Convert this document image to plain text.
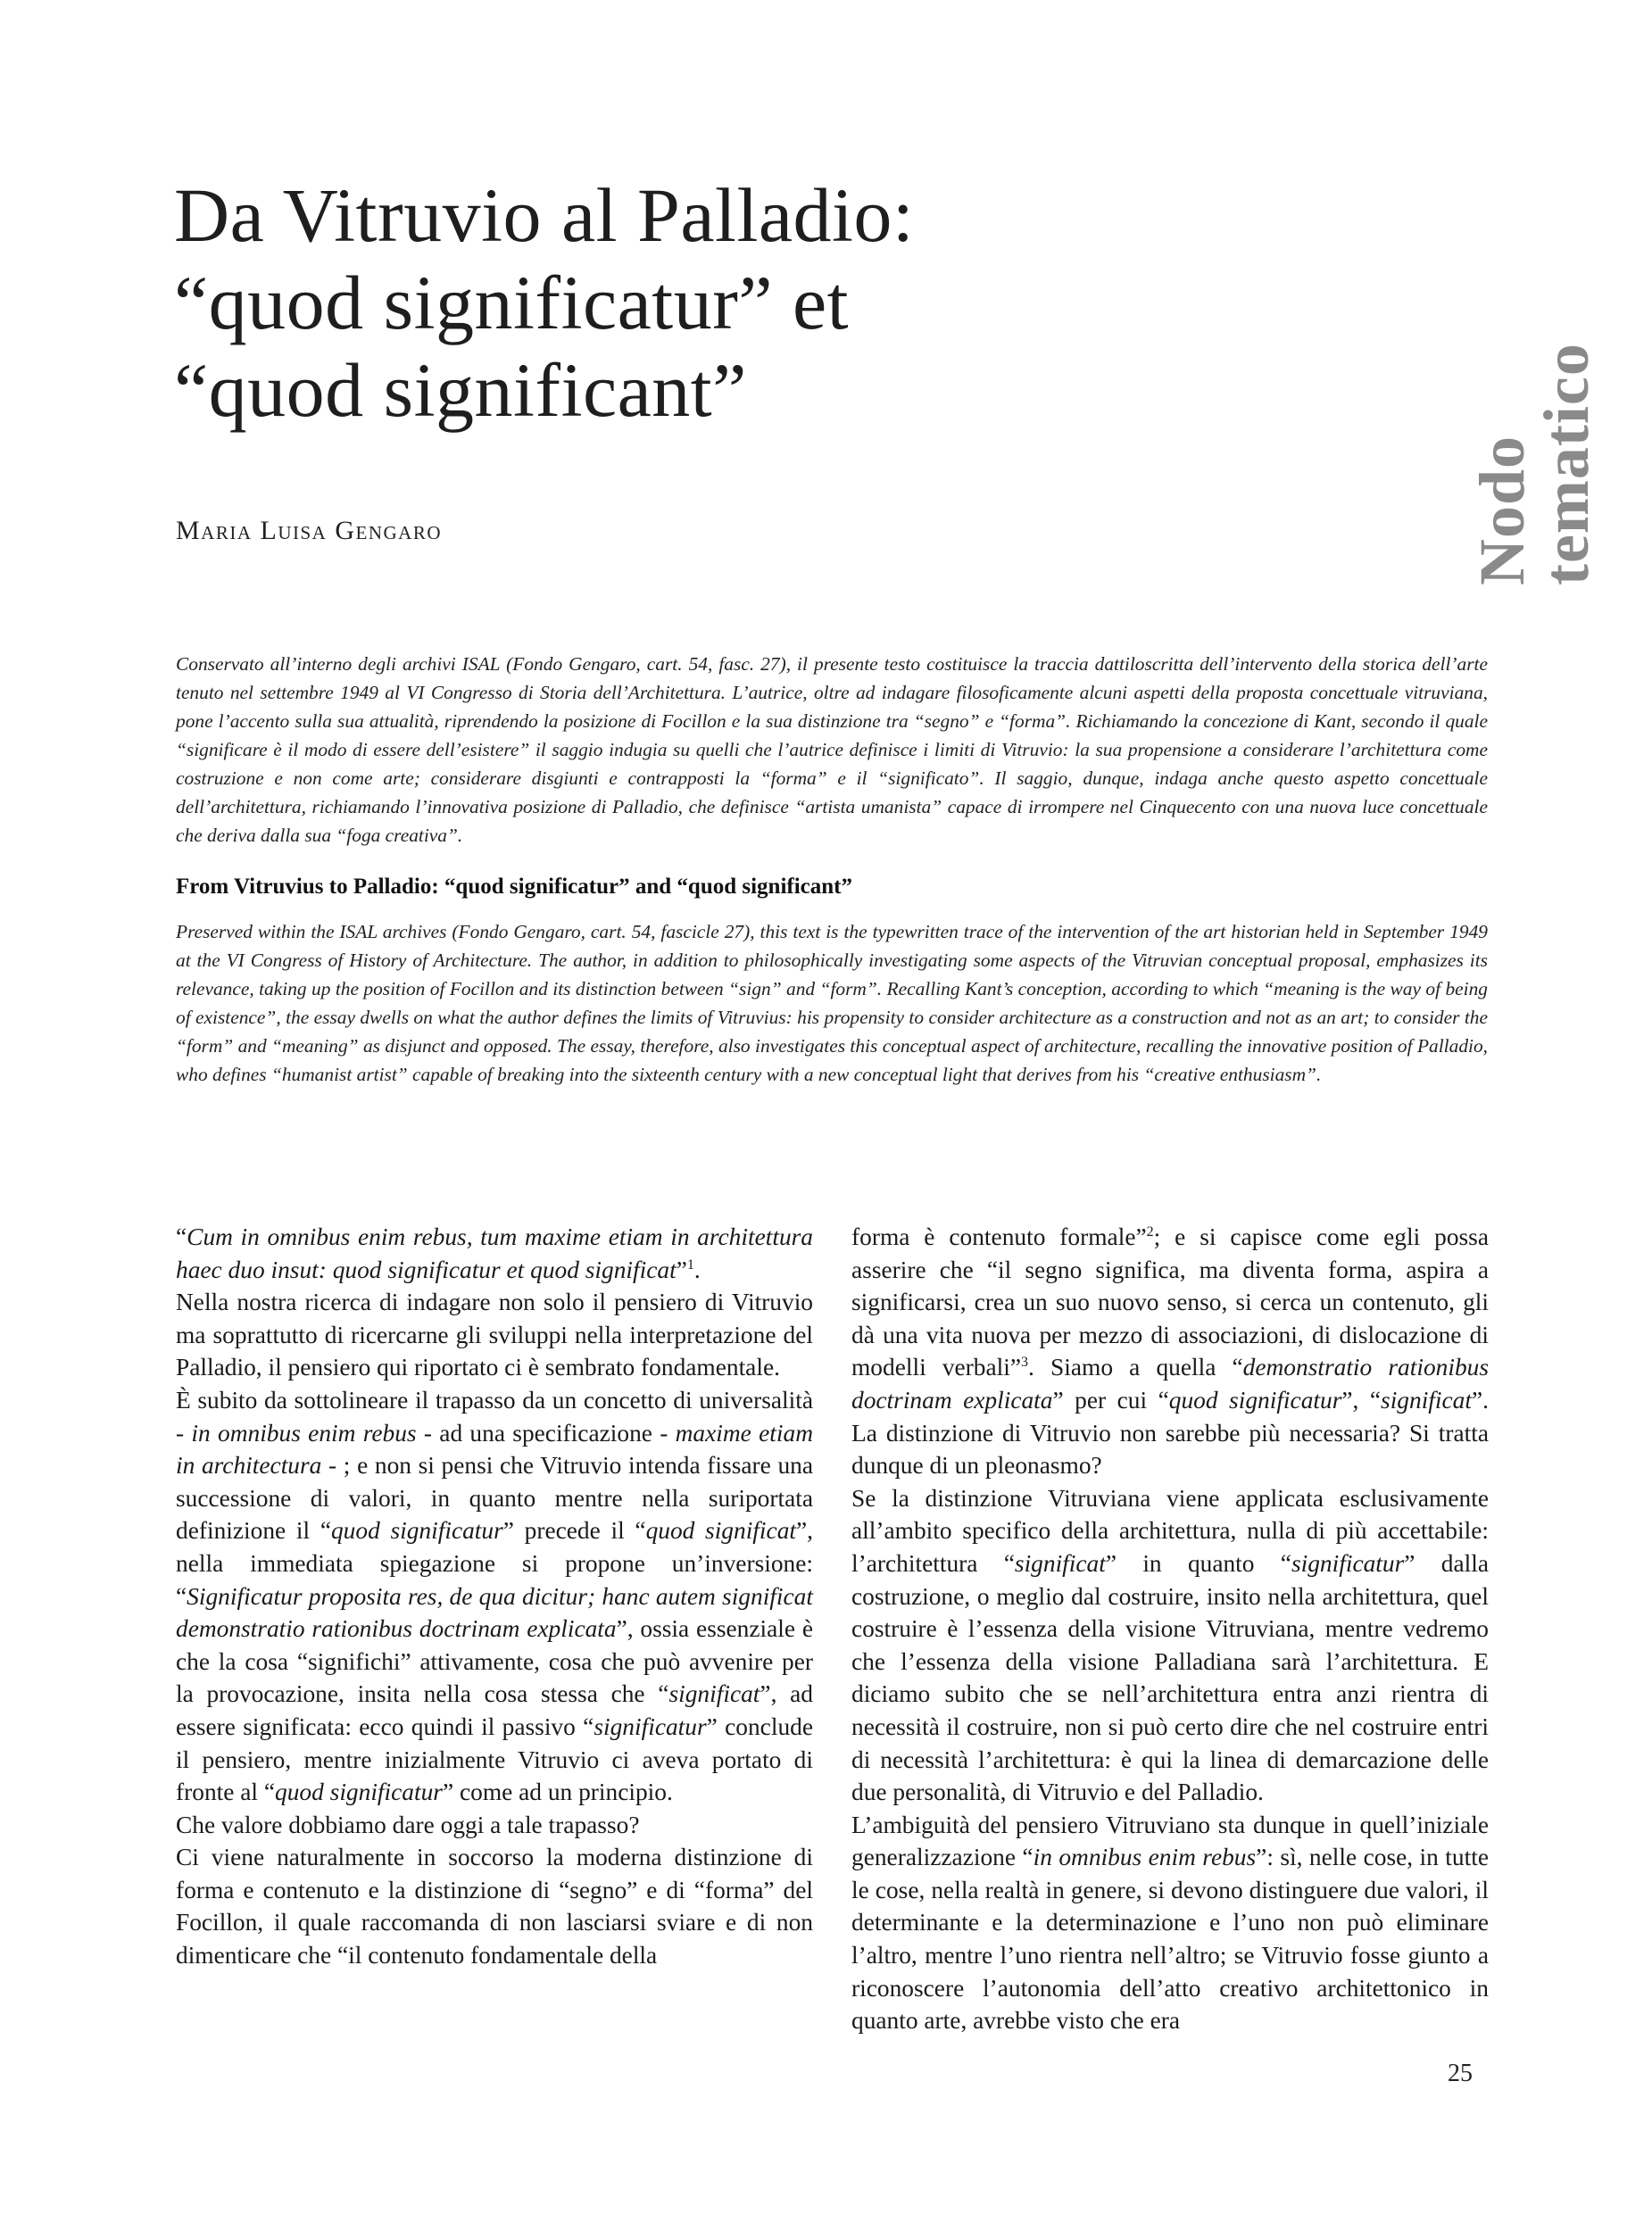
Da Vitruvio al Palladio:
“quod significatur” et
“quod significant”
Nodo tematico
Maria Luisa Gengaro

Conservato all’interno degli archivi ISAL (Fondo Gengaro, cart. 54, fasc. 27), il presente testo costituisce la traccia dattiloscritta dell’intervento della storica dell’arte tenuto nel settembre 1949 al VI Congresso di Storia dell’Architettura. L’autrice, oltre ad indagare filosoficamente alcuni aspetti della proposta concettuale vitruviana, pone l’accento sulla sua attualità, riprendendo la posizione di Focillon e la sua distinzione tra “segno” e “forma”. Richiamando la concezione di Kant, secondo il quale “significare è il modo di essere dell’esistere” il saggio indugia su quelli che l’autrice definisce i limiti di Vitruvio: la sua propensione a considerare l’architettura come costruzione e non come arte; considerare disgiunti e contrapposti la “forma” e il “significato”. Il saggio, dunque, indaga anche questo aspetto concettuale dell’architettura, richiamando l’innovativa posizione di Palladio, che definisce “artista umanista” capace di irrompere nel Cinquecento con una nuova luce concettuale che deriva dalla sua “foga creativa”.

From Vitruvius to Palladio: “quod significatur” and “quod significant”

Preserved within the ISAL archives (Fondo Gengaro, cart. 54, fascicle 27), this text is the typewritten trace of the intervention of the art historian held in September 1949 at the VI Congress of History of Architecture. The author, in addition to philosophically investigating some aspects of the Vitruvian conceptual proposal, emphasizes its relevance, taking up the position of Focillon and its distinction between “sign” and “form”. Recalling Kant’s conception, according to which “meaning is the way of being of existence”, the essay dwells on what the author defines the limits of Vitruvius: his propensity to consider architecture as a construction and not as an art; to consider the “form” and “meaning” as disjunct and opposed. The essay, therefore, also investigates this conceptual aspect of architecture, recalling the innovative position of Palladio, who defines “humanist artist” capable of breaking into the sixteenth century with a new conceptual light that derives from his “creative enthusiasm”.

“Cum in omnibus enim rebus, tum maxime etiam in architettura haec duo insut: quod significatur et quod significat”$^1$.

Nella nostra ricerca di indagare non solo il pensiero di Vitruvio ma soprattutto di ricercarne gli sviluppi nella interpretazione del Palladio, il pensiero qui riportato ci è sembrato fondamentale.

È subito da sottolineare il trapasso da un concetto di universalità - in omnibus enim rebus - ad una specificazione - maxime etiam in architectura - ; e non si pensi che Vitruvio intenda fissare una successione di valori, in quanto mentre nella suriportata definizione il “quod significatur” precede il “quod significat”, nella immediata spiegazione si propone un’inversione: “Significatur proposita res, de qua dicitur; hanc autem significat demonstratio rationibus doctrinam explicata”, ossia essenziale è che la cosa “significhi” attivamente, cosa che può avvenire per la provocazione, insita nella cosa stessa che “significat”, ad essere significata: ecco quindi il passivo “significatur” conclude il pensiero, mentre inizialmente Vitruvio ci aveva portato di fronte al “quod significatur” come ad un principio.

Che valore dobbiamo dare oggi a tale trapasso?

Ci viene naturalmente in soccorso la moderna distinzione di forma e contenuto e la distinzione di “segno” e di “forma” del Focillon, il quale raccomanda di non lasciarsi sviare e di non dimenticare che “il contenuto fondamentale della

forma è contenuto formale”$^2$; e si capisce come egli possa asserire che “il segno significa, ma diventa forma, aspira a significarsi, crea un suo nuovo senso, si cerca un contenuto, gli dà una vita nuova per mezzo di associazioni, di dislocazione di modelli verbali”$^3$. Siamo a quella “demonstratio rationibus doctrinam explicata” per cui “quod significatur”, “significat”. La distinzione di Vitruvio non sarebbe più necessaria? Si tratta dunque di un pleonasmo?

Se la distinzione Vitruviana viene applicata esclusivamente all’ambito specifico della architettura, nulla di più accettabile: l’architettura “significat” in quanto “significatur” dalla costruzione, o meglio dal costruire, insito nella architettura, quel costruire è l’essenza della visione Vitruviana, mentre vedremo che l’essenza della visione Palladiana sarà l’architettura. E diciamo subito che se nell’architettura entra anzi rientra di necessità il costruire, non si può certo dire che nel costruire entri di necessità l’architettura: è qui la linea di demarcazione delle due personalità, di Vitruvio e del Palladio.

L’ambiguità del pensiero Vitruviano sta dunque in quell’iniziale generalizzazione “in omnibus enim rebus”: sì, nelle cose, in tutte le cose, nella realtà in genere, si devono distinguere due valori, il determinante e la determinazione e l’uno non può eliminare l’altro, mentre l’uno rientra nell’altro; se Vitruvio fosse giunto a riconoscere l’autonomia dell’atto creativo architettonico in quanto arte, avrebbe visto che era

25
